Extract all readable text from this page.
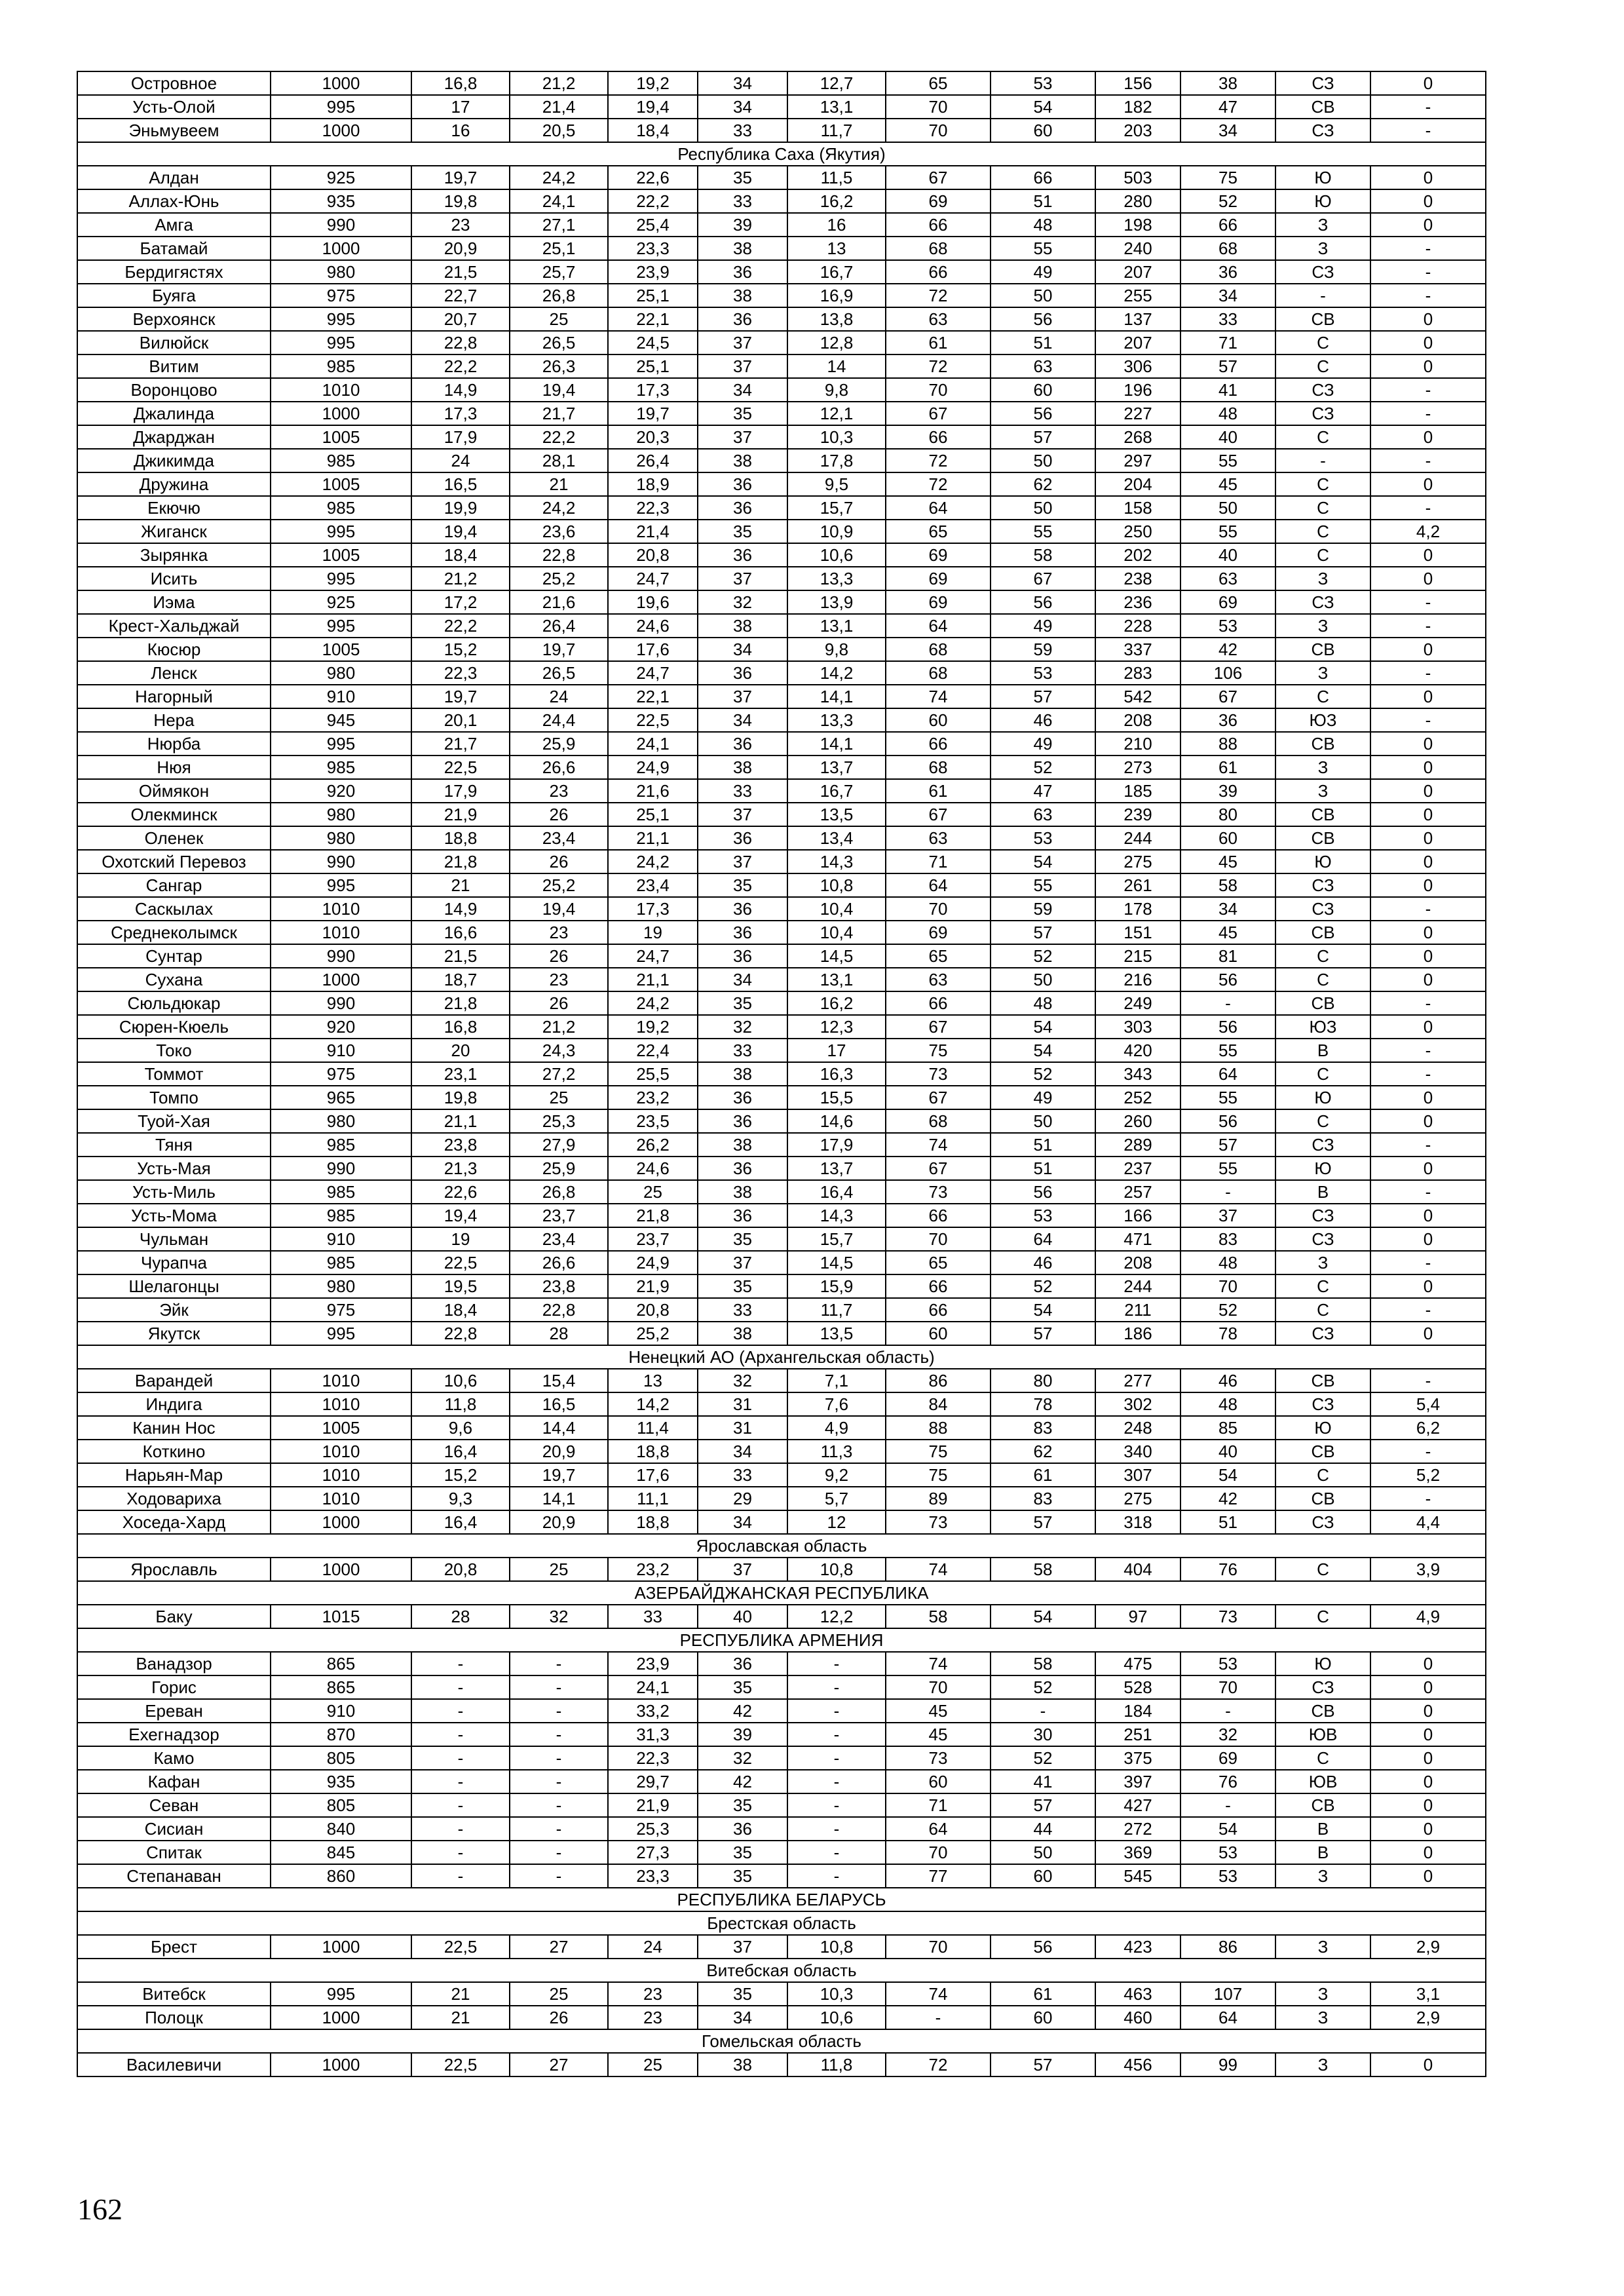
Островное	1000	16,8	21,2	19,2	34	12,7	65	53	156	38	СЗ	0
Усть-Олой	995	17	21,4	19,4	34	13,1	70	54	182	47	СВ	-
Эньмувеем	1000	16	20,5	18,4	33	11,7	70	60	203	34	СЗ	-
Республика Саха (Якутия)												
Алдан	925	19,7	24,2	22,6	35	11,5	67	66	503	75	Ю	0
Аллах-Юнь	935	19,8	24,1	22,2	33	16,2	69	51	280	52	Ю	0
Амга	990	23	27,1	25,4	39	16	66	48	198	66	З	0
Батамай	1000	20,9	25,1	23,3	38	13	68	55	240	68	З	-
Бердигястях	980	21,5	25,7	23,9	36	16,7	66	49	207	36	СЗ	-
Буяга	975	22,7	26,8	25,1	38	16,9	72	50	255	34	-	-
Верхоянск	995	20,7	25	22,1	36	13,8	63	56	137	33	СВ	0
Вилюйск	995	22,8	26,5	24,5	37	12,8	61	51	207	71	С	0
Витим	985	22,2	26,3	25,1	37	14	72	63	306	57	С	0
Воронцово	1010	14,9	19,4	17,3	34	9,8	70	60	196	41	СЗ	-
Джалинда	1000	17,3	21,7	19,7	35	12,1	67	56	227	48	СЗ	-
Джарджан	1005	17,9	22,2	20,3	37	10,3	66	57	268	40	С	0
Джикимда	985	24	28,1	26,4	38	17,8	72	50	297	55	-	-
Дружина	1005	16,5	21	18,9	36	9,5	72	62	204	45	С	0
Екючю	985	19,9	24,2	22,3	36	15,7	64	50	158	50	С	-
Жиганск	995	19,4	23,6	21,4	35	10,9	65	55	250	55	С	4,2
Зырянка	1005	18,4	22,8	20,8	36	10,6	69	58	202	40	С	0
Исить	995	21,2	25,2	24,7	37	13,3	69	67	238	63	З	0
Иэма	925	17,2	21,6	19,6	32	13,9	69	56	236	69	СЗ	-
Крест-Хальджай	995	22,2	26,4	24,6	38	13,1	64	49	228	53	З	-
Кюсюр	1005	15,2	19,7	17,6	34	9,8	68	59	337	42	СВ	0
Ленск	980	22,3	26,5	24,7	36	14,2	68	53	283	106	З	-
Нагорный	910	19,7	24	22,1	37	14,1	74	57	542	67	С	0
Нера	945	20,1	24,4	22,5	34	13,3	60	46	208	36	ЮЗ	-
Нюрба	995	21,7	25,9	24,1	36	14,1	66	49	210	88	СВ	0
Нюя	985	22,5	26,6	24,9	38	13,7	68	52	273	61	З	0
Оймякон	920	17,9	23	21,6	33	16,7	61	47	185	39	З	0
Олекминск	980	21,9	26	25,1	37	13,5	67	63	239	80	СВ	0
Оленек	980	18,8	23,4	21,1	36	13,4	63	53	244	60	СВ	0
Охотский Перевоз	990	21,8	26	24,2	37	14,3	71	54	275	45	Ю	0
Сангар	995	21	25,2	23,4	35	10,8	64	55	261	58	СЗ	0
Саскылах	1010	14,9	19,4	17,3	36	10,4	70	59	178	34	СЗ	-
Среднеколымск	1010	16,6	23	19	36	10,4	69	57	151	45	СВ	0
Сунтар	990	21,5	26	24,7	36	14,5	65	52	215	81	С	0
Сухана	1000	18,7	23	21,1	34	13,1	63	50	216	56	С	0
Сюльдюкар	990	21,8	26	24,2	35	16,2	66	48	249	-	СВ	-
Сюрен-Кюель	920	16,8	21,2	19,2	32	12,3	67	54	303	56	ЮЗ	0
Токо	910	20	24,3	22,4	33	17	75	54	420	55	В	-
Томмот	975	23,1	27,2	25,5	38	16,3	73	52	343	64	С	-
Томпо	965	19,8	25	23,2	36	15,5	67	49	252	55	Ю	0
Туой-Хая	980	21,1	25,3	23,5	36	14,6	68	50	260	56	С	0
Тяня	985	23,8	27,9	26,2	38	17,9	74	51	289	57	СЗ	-
Усть-Мая	990	21,3	25,9	24,6	36	13,7	67	51	237	55	Ю	0
Усть-Миль	985	22,6	26,8	25	38	16,4	73	56	257	-	В	-
Усть-Мома	985	19,4	23,7	21,8	36	14,3	66	53	166	37	СЗ	0
Чульман	910	19	23,4	23,7	35	15,7	70	64	471	83	СЗ	0
Чурапча	985	22,5	26,6	24,9	37	14,5	65	46	208	48	З	-
Шелагонцы	980	19,5	23,8	21,9	35	15,9	66	52	244	70	С	0
Эйк	975	18,4	22,8	20,8	33	11,7	66	54	211	52	С	-
Якутск	995	22,8	28	25,2	38	13,5	60	57	186	78	СЗ	0
Ненецкий АО (Архангельская область)												
Варандей	1010	10,6	15,4	13	32	7,1	86	80	277	46	СВ	-
Индига	1010	11,8	16,5	14,2	31	7,6	84	78	302	48	СЗ	5,4
Канин Нос	1005	9,6	14,4	11,4	31	4,9	88	83	248	85	Ю	6,2
Коткино	1010	16,4	20,9	18,8	34	11,3	75	62	340	40	СВ	-
Нарьян-Мар	1010	15,2	19,7	17,6	33	9,2	75	61	307	54	С	5,2
Ходовариха	1010	9,3	14,1	11,1	29	5,7	89	83	275	42	СВ	-
Хоседа-Хард	1000	16,4	20,9	18,8	34	12	73	57	318	51	СЗ	4,4
Ярославская область												
Ярославль	1000	20,8	25	23,2	37	10,8	74	58	404	76	С	3,9
АЗЕРБАЙДЖАНСКАЯ РЕСПУБЛИКА												
Баку	1015	28	32	33	40	12,2	58	54	97	73	С	4,9
РЕСПУБЛИКА АРМЕНИЯ												
Ванадзор	865	-	-	23,9	36	-	74	58	475	53	Ю	0
Горис	865	-	-	24,1	35	-	70	52	528	70	СЗ	0
Ереван	910	-	-	33,2	42	-	45	-	184	-	СВ	0
Ехегнадзор	870	-	-	31,3	39	-	45	30	251	32	ЮВ	0
Камо	805	-	-	22,3	32	-	73	52	375	69	С	0
Кафан	935	-	-	29,7	42	-	60	41	397	76	ЮВ	0
Севан	805	-	-	21,9	35	-	71	57	427	-	СВ	0
Сисиан	840	-	-	25,3	36	-	64	44	272	54	В	0
Спитак	845	-	-	27,3	35	-	70	50	369	53	В	0
Степанаван	860	-	-	23,3	35	-	77	60	545	53	З	0
РЕСПУБЛИКА БЕЛАРУСЬ												
Брестская область												
Брест	1000	22,5	27	24	37	10,8	70	56	423	86	З	2,9
Витебская область												
Витебск	995	21	25	23	35	10,3	74	61	463	107	З	3,1
Полоцк	1000	21	26	23	34	10,6	-	60	460	64	З	2,9
Гомельская область												
Василевичи	1000	22,5	27	25	38	11,8	72	57	456	99	З	0
162
